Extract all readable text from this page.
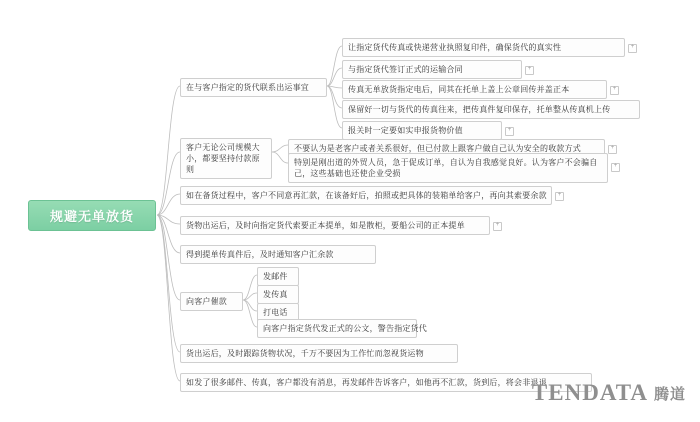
规避无单放货
在与客户指定的货代联系出运事宜
让指定货代传真或快递营业执照复印件，确保货代的真实性	+
与指定货代签订正式的运输合同	+
传真无单放货指定电后，同其在托单上盖上公章回传并盖正本	+
保留好一切与货代的传真往来，把传真件复印保存，托单整从传真机上传
报关时一定要如实申报货物价值	+
客户无论公司规模大小，都要坚持付款原则
不要认为是老客户或者关系很好，但已付款上跟客户做自己认为安全的收款方式	+
特别是刚出道的外贸人员，急于促成订单，自认为自我感觉良好。认为客户不会骗自己，这些基础也还使企业受损
+
如在备货过程中，客户不同意再汇款，在该备好后，拍照或把具体的装箱单给客户，再向其索要余款	+
货物出运后，及时向指定货代索要正本提单，如是散柜，要船公司的正本提单	+
得到提单传真件后，及时通知客户汇余款
向客户催款
发邮件
发传真
打电话
向客户指定货代发正式的公文，警告指定货代
货出运后，及时跟踪货物状况，千万不要因为工作忙而忽视货运物
如发了很多邮件、传真，客户都没有消息，再发邮件告诉客户，如他再不汇款，货到后，将会非退退
TENDATA 腾道
